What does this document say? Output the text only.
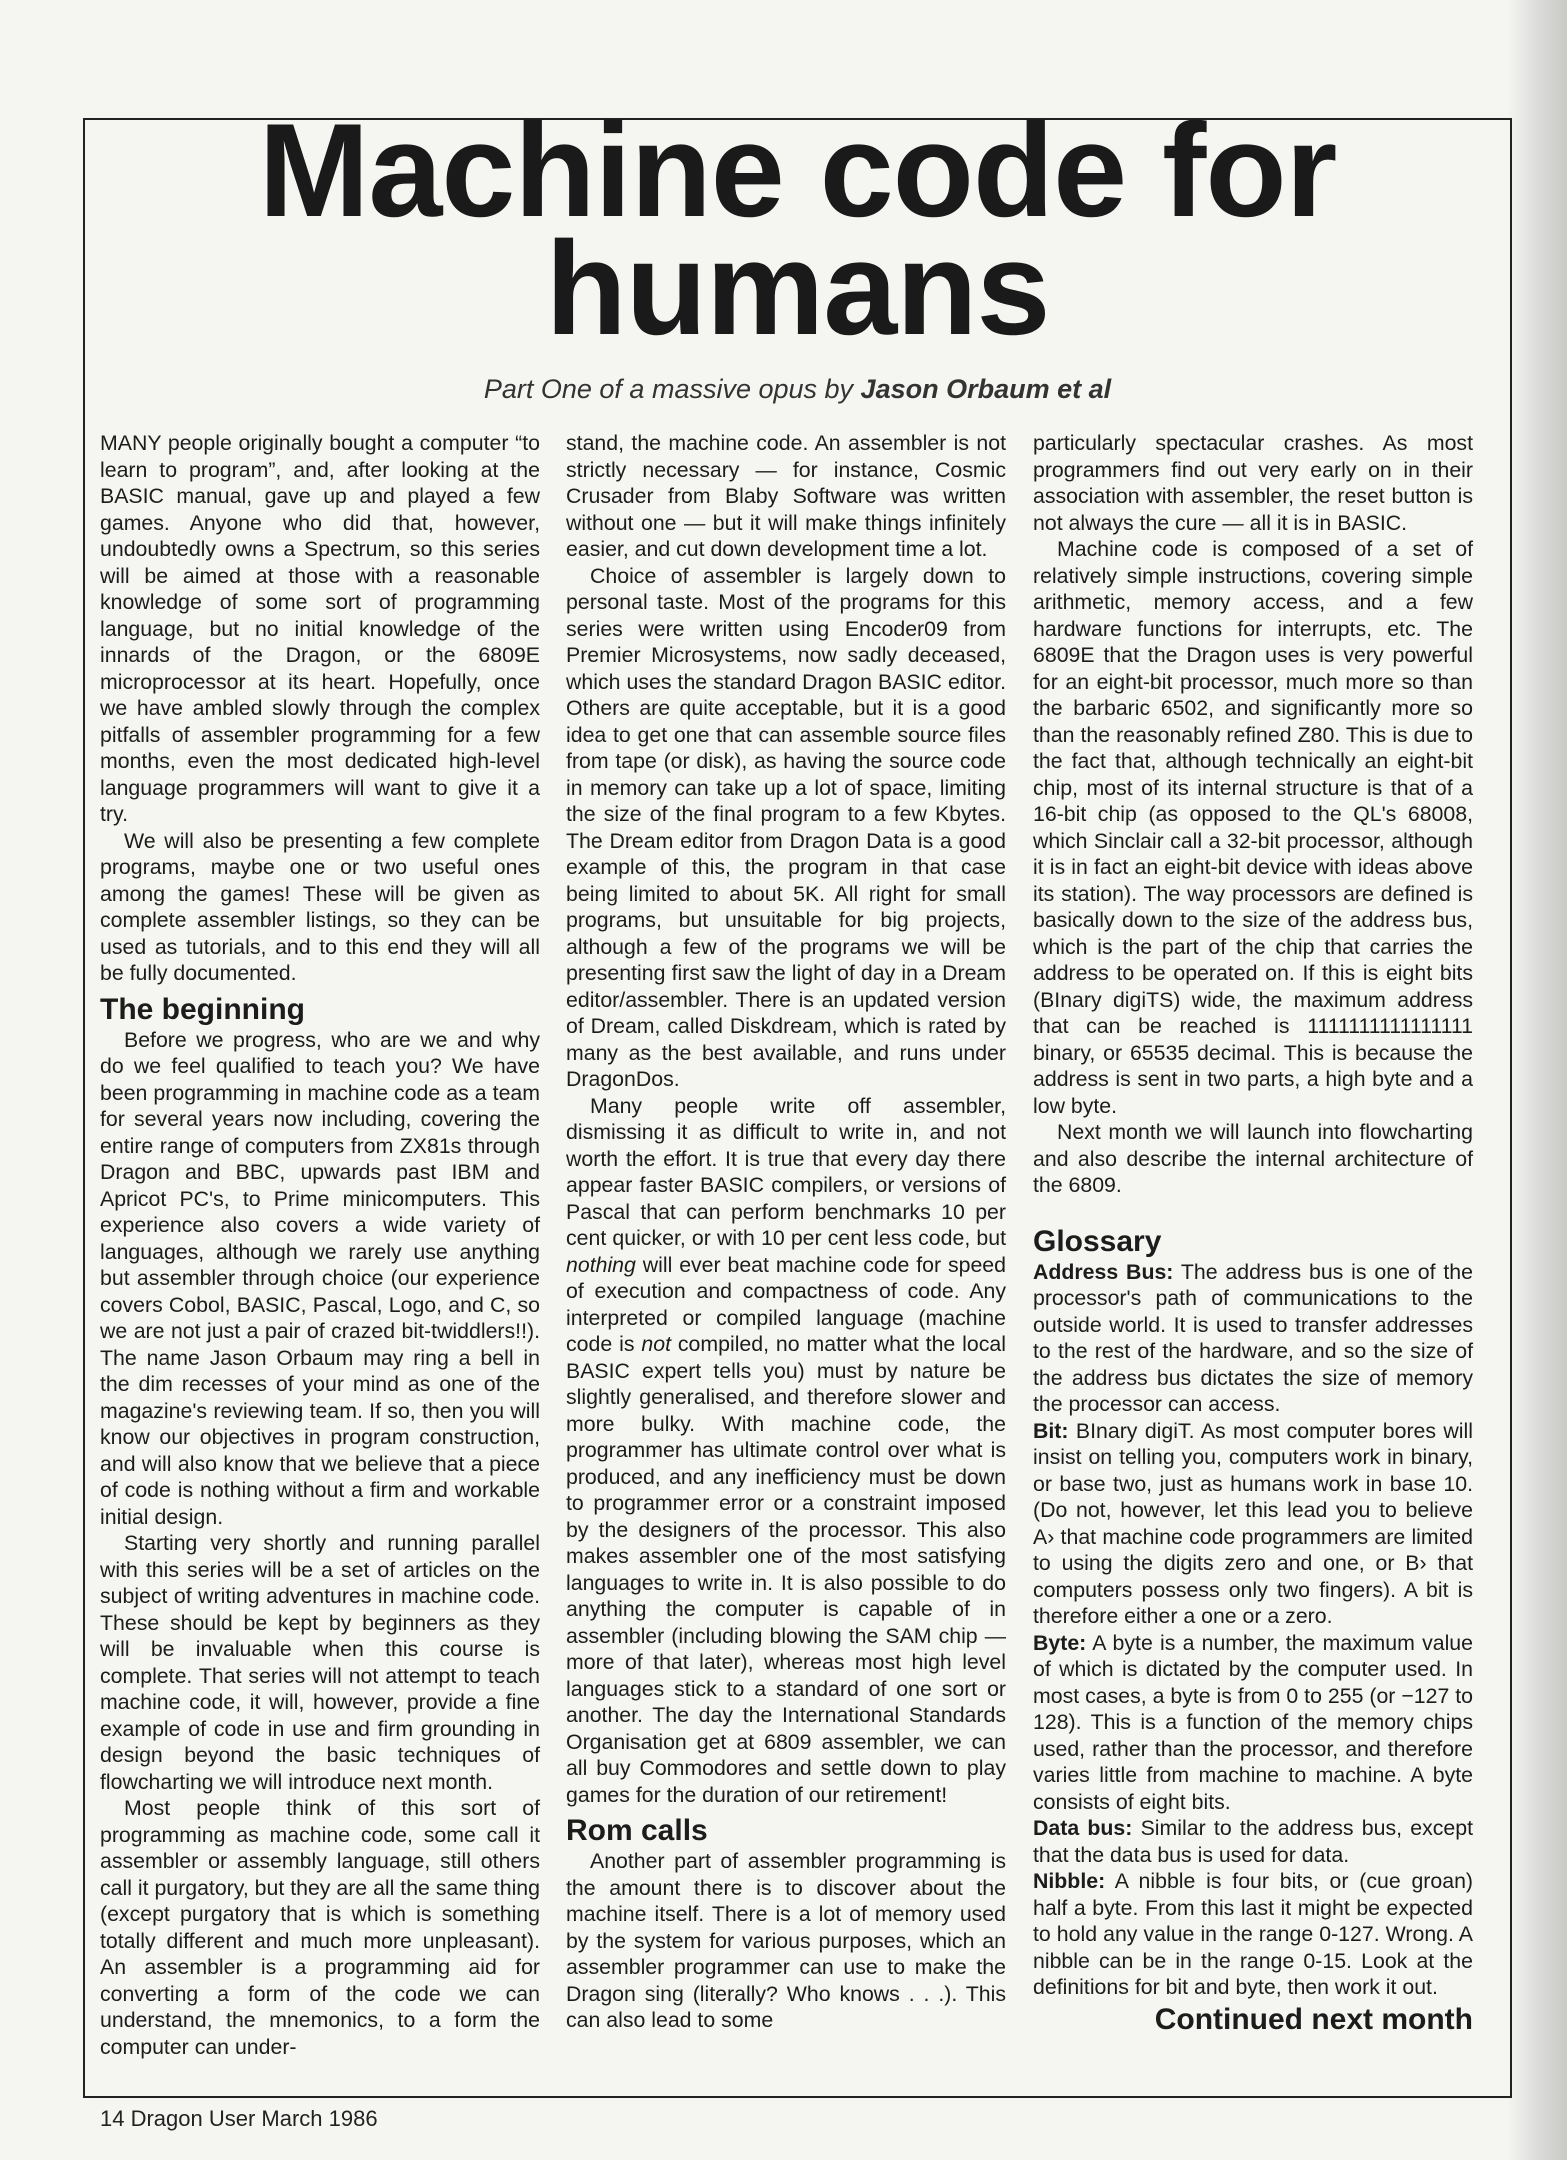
Machine code for
humans
Part One of a massive opus by Jason Orbaum et al

MANY people originally bought a computer “to learn to program”, and, after looking at the BASIC manual, gave up and played a few games. Anyone who did that, however, undoubtedly owns a Spectrum, so this series will be aimed at those with a reasonable knowledge of some sort of programming language, but no initial knowledge of the innards of the Dragon, or the 6809E microprocessor at its heart. Hopefully, once we have ambled slowly through the complex pitfalls of assembler programming for a few months, even the most dedicated high-level language programmers will want to give it a try.

We will also be presenting a few complete programs, maybe one or two useful ones among the games! These will be given as complete assembler listings, so they can be used as tutorials, and to this end they will all be fully documented.

The beginning

Before we progress, who are we and why do we feel qualified to teach you? We have been programming in machine code as a team for several years now including, covering the entire range of computers from ZX81s through Dragon and BBC, upwards past IBM and Apricot PC's, to Prime minicomputers. This experience also covers a wide variety of languages, although we rarely use anything but assembler through choice (our experience covers Cobol, BASIC, Pascal, Logo, and C, so we are not just a pair of crazed bit-twiddlers!!). The name Jason Orbaum may ring a bell in the dim recesses of your mind as one of the magazine's reviewing team. If so, then you will know our objectives in program construction, and will also know that we believe that a piece of code is nothing without a firm and workable initial design.

Starting very shortly and running parallel with this series will be a set of articles on the subject of writing adventures in machine code. These should be kept by beginners as they will be invaluable when this course is complete. That series will not attempt to teach machine code, it will, however, provide a fine example of code in use and firm grounding in design beyond the basic techniques of flowcharting we will introduce next month.

Most people think of this sort of programming as machine code, some call it assembler or assembly language, still others call it purgatory, but they are all the same thing (except purgatory that is which is something totally different and much more unpleasant). An assembler is a programming aid for converting a form of the code we can understand, the mnemonics, to a form the computer can under-

stand, the machine code. An assembler is not strictly necessary — for instance, Cosmic Crusader from Blaby Software was written without one — but it will make things infinitely easier, and cut down development time a lot.

Choice of assembler is largely down to personal taste. Most of the programs for this series were written using Encoder09 from Premier Microsystems, now sadly deceased, which uses the standard Dragon BASIC editor. Others are quite acceptable, but it is a good idea to get one that can assemble source files from tape (or disk), as having the source code in memory can take up a lot of space, limiting the size of the final program to a few Kbytes. The Dream editor from Dragon Data is a good example of this, the program in that case being limited to about 5K. All right for small programs, but unsuitable for big projects, although a few of the programs we will be presenting first saw the light of day in a Dream editor/assembler. There is an updated version of Dream, called Diskdream, which is rated by many as the best available, and runs under DragonDos.

Many people write off assembler, dismissing it as difficult to write in, and not worth the effort. It is true that every day there appear faster BASIC compilers, or versions of Pascal that can perform benchmarks 10 per cent quicker, or with 10 per cent less code, but nothing will ever beat machine code for speed of execution and compactness of code. Any interpreted or compiled language (machine code is not compiled, no matter what the local BASIC expert tells you) must by nature be slightly generalised, and therefore slower and more bulky. With machine code, the programmer has ultimate control over what is produced, and any inefficiency must be down to programmer error or a constraint imposed by the designers of the processor. This also makes assembler one of the most satisfying languages to write in. It is also possible to do anything the computer is capable of in assembler (including blowing the SAM chip — more of that later), whereas most high level languages stick to a standard of one sort or another. The day the International Standards Organisation get at 6809 assembler, we can all buy Commodores and settle down to play games for the duration of our retirement!

Rom calls

Another part of assembler programming is the amount there is to discover about the machine itself. There is a lot of memory used by the system for various purposes, which an assembler programmer can use to make the Dragon sing (literally? Who knows . . .). This can also lead to some

particularly spectacular crashes. As most programmers find out very early on in their association with assembler, the reset button is not always the cure — all it is in BASIC.

Machine code is composed of a set of relatively simple instructions, covering simple arithmetic, memory access, and a few hardware functions for interrupts, etc. The 6809E that the Dragon uses is very powerful for an eight-bit processor, much more so than the barbaric 6502, and significantly more so than the reasonably refined Z80. This is due to the fact that, although technically an eight-bit chip, most of its internal structure is that of a 16-bit chip (as opposed to the QL's 68008, which Sinclair call a 32-bit processor, although it is in fact an eight-bit device with ideas above its station). The way processors are defined is basically down to the size of the address bus, which is the part of the chip that carries the address to be operated on. If this is eight bits (BInary digiTS) wide, the maximum address that can be reached is 1111111111111111 binary, or 65535 decimal. This is because the address is sent in two parts, a high byte and a low byte.

Next month we will launch into flowcharting and also describe the internal architecture of the 6809.

Glossary

Address Bus: The address bus is one of the processor's path of communications to the outside world. It is used to transfer addresses to the rest of the hardware, and so the size of the address bus dictates the size of memory the processor can access.

Bit: BInary digiT. As most computer bores will insist on telling you, computers work in binary, or base two, just as humans work in base 10. (Do not, however, let this lead you to believe A› that machine code programmers are limited to using the digits zero and one, or B› that computers possess only two fingers). A bit is therefore either a one or a zero.

Byte: A byte is a number, the maximum value of which is dictated by the computer used. In most cases, a byte is from 0 to 255 (or −127 to 128). This is a function of the memory chips used, rather than the processor, and therefore varies little from machine to machine. A byte consists of eight bits.

Data bus: Similar to the address bus, except that the data bus is used for data.

Nibble: A nibble is four bits, or (cue groan) half a byte. From this last it might be expected to hold any value in the range 0-127. Wrong. A nibble can be in the range 0-15. Look at the definitions for bit and byte, then work it out.

Continued next month
14 Dragon User March 1986
